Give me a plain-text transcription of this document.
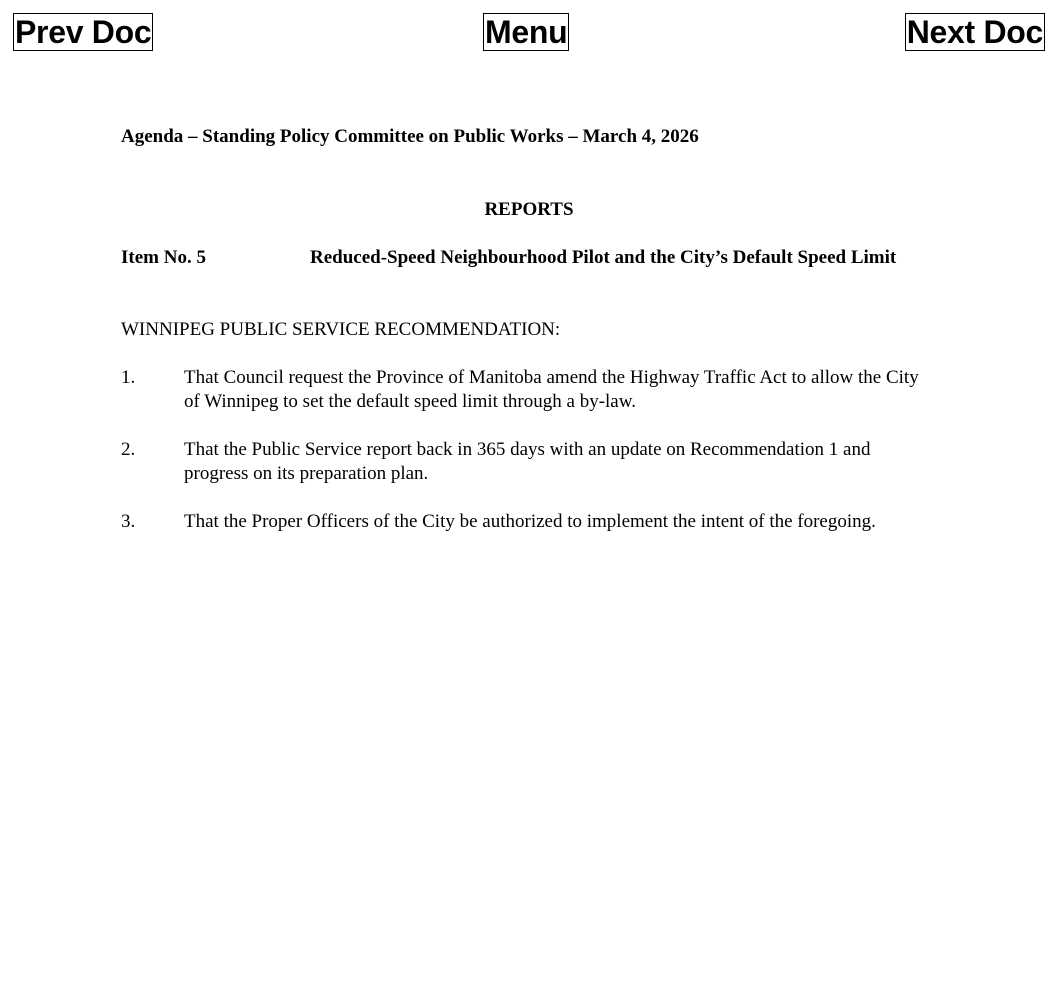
Prev Doc	Menu	Next Doc
Agenda – Standing Policy Committee on Public Works – March 4, 2026
REPORTS
Item No. 5	Reduced-Speed Neighbourhood Pilot and the City’s Default Speed Limit
WINNIPEG PUBLIC SERVICE RECOMMENDATION:
1.	That Council request the Province of Manitoba amend the Highway Traffic Act to allow the City of Winnipeg to set the default speed limit through a by-law.
2.	That the Public Service report back in 365 days with an update on Recommendation 1 and progress on its preparation plan.
3.	That the Proper Officers of the City be authorized to implement the intent of the foregoing.
